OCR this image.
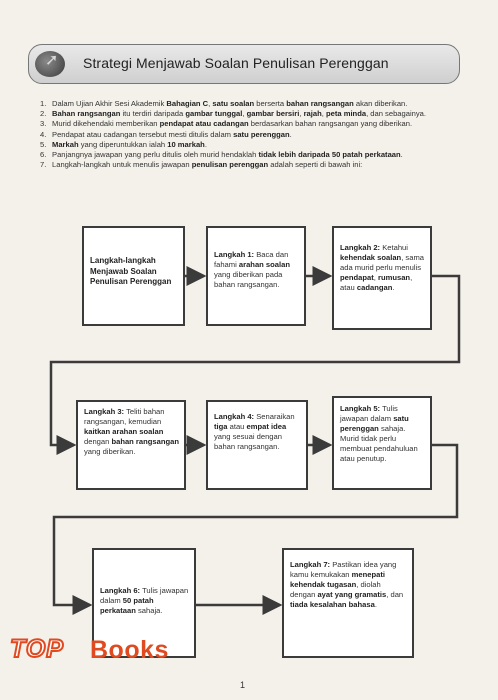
➚ Strategi Menjawab Soalan Penulisan Perenggan
1. Dalam Ujian Akhir Sesi Akademik Bahagian C, satu soalan berserta bahan rangsangan akan diberikan.
2. Bahan rangsangan itu terdiri daripada gambar tunggal, gambar bersiri, rajah, peta minda, dan sebagainya.
3. Murid dikehendaki memberikan pendapat atau cadangan berdasarkan bahan rangsangan yang diberikan.
4. Pendapat atau cadangan tersebut mesti ditulis dalam satu perenggan.
5. Markah yang diperuntukkan ialah 10 markah.
6. Panjangnya jawapan yang perlu ditulis oleh murid hendaklah tidak lebih daripada 50 patah perkataan.
7. Langkah-langkah untuk menulis jawapan penulisan perenggan adalah seperti di bawah ini:
Langkah-langkah Menjawab Soalan Penulisan Perenggan
Langkah 1: Baca dan fahami arahan soalan yang diberikan pada bahan rangsangan.
Langkah 2: Ketahui kehendak soalan, sama ada murid perlu menulis pendapat, rumusan, atau cadangan.
Langkah 3: Teliti bahan rangsangan, kemudian kaitkan arahan soalan dengan bahan rangsangan yang diberikan.
Langkah 4: Senaraikan tiga atau empat idea yang sesuai dengan bahan rangsangan.
Langkah 5: Tulis jawapan dalam satu perenggan sahaja. Murid tidak perlu membuat pendahuluan atau penutup.
Langkah 6: Tulis jawapan dalam 50 patah perkataan sahaja.
Langkah 7: Pastikan idea yang kamu kemukakan menepati kehendak tugasan, diolah dengan ayat yang gramatis, dan tiada kesalahan bahasa.
TOP Books
1
